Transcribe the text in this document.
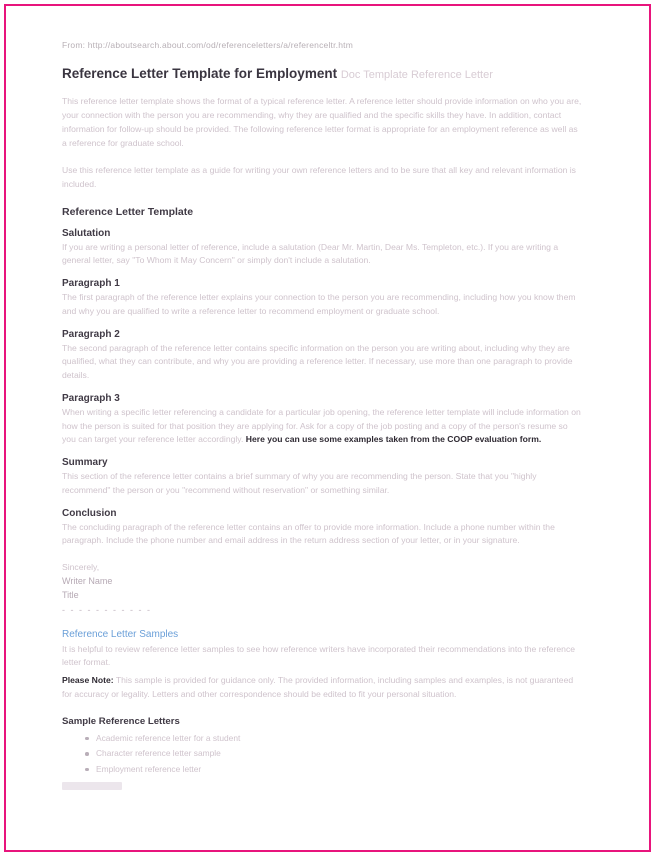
From: http://aboutsearch.about.com/od/referenceletters/a/referenceltr.htm
Reference Letter Template for Employment Doc Template Reference Letter

This reference letter template shows the format of a typical reference letter. A reference letter should provide information on who you are, your connection with the person you are recommending, why they are qualified and the specific skills they have. In addition, contact information for follow-up should be provided. The following reference letter format is appropriate for an employment reference as well as a reference for graduate school.

Use this reference letter template as a guide for writing your own reference letters and to be sure that all key and relevant information is included.

Reference Letter Template
Salutation

If you are writing a personal letter of reference, include a salutation (Dear Mr. Martin, Dear Ms. Templeton, etc.). If you are writing a general letter, say "To Whom it May Concern" or simply don't include a salutation.

Paragraph 1

The first paragraph of the reference letter explains your connection to the person you are recommending, including how you know them and why you are qualified to write a reference letter to recommend employment or graduate school.

Paragraph 2

The second paragraph of the reference letter contains specific information on the person you are writing about, including why they are qualified, what they can contribute, and why you are providing a reference letter. If necessary, use more than one paragraph to provide details.

Paragraph 3

When writing a specific letter referencing a candidate for a particular job opening, the reference letter template will include information on how the person is suited for that position they are applying for. Ask for a copy of the job posting and a copy of the person's resume so you can target your reference letter accordingly. Here you can use some examples taken from the COOP evaluation form.

Summary

This section of the reference letter contains a brief summary of why you are recommending the person. State that you "highly recommend" the person or you "recommend without reservation" or something similar.

Conclusion

The concluding paragraph of the reference letter contains an offer to provide more information. Include a phone number within the paragraph. Include the phone number and email address in the return address section of your letter, or in your signature.

Sincerely,
Writer Name
Title
- - - - - - - - - - -
Reference Letter Samples

It is helpful to review reference letter samples to see how reference writers have incorporated their recommendations into the reference letter format.

Please Note: This sample is provided for guidance only. The provided information, including samples and examples, is not guaranteed for accuracy or legality. Letters and other correspondence should be edited to fit your personal situation.

Sample Reference Letters
Academic reference letter for a student
Character reference letter sample
Employment reference letter
